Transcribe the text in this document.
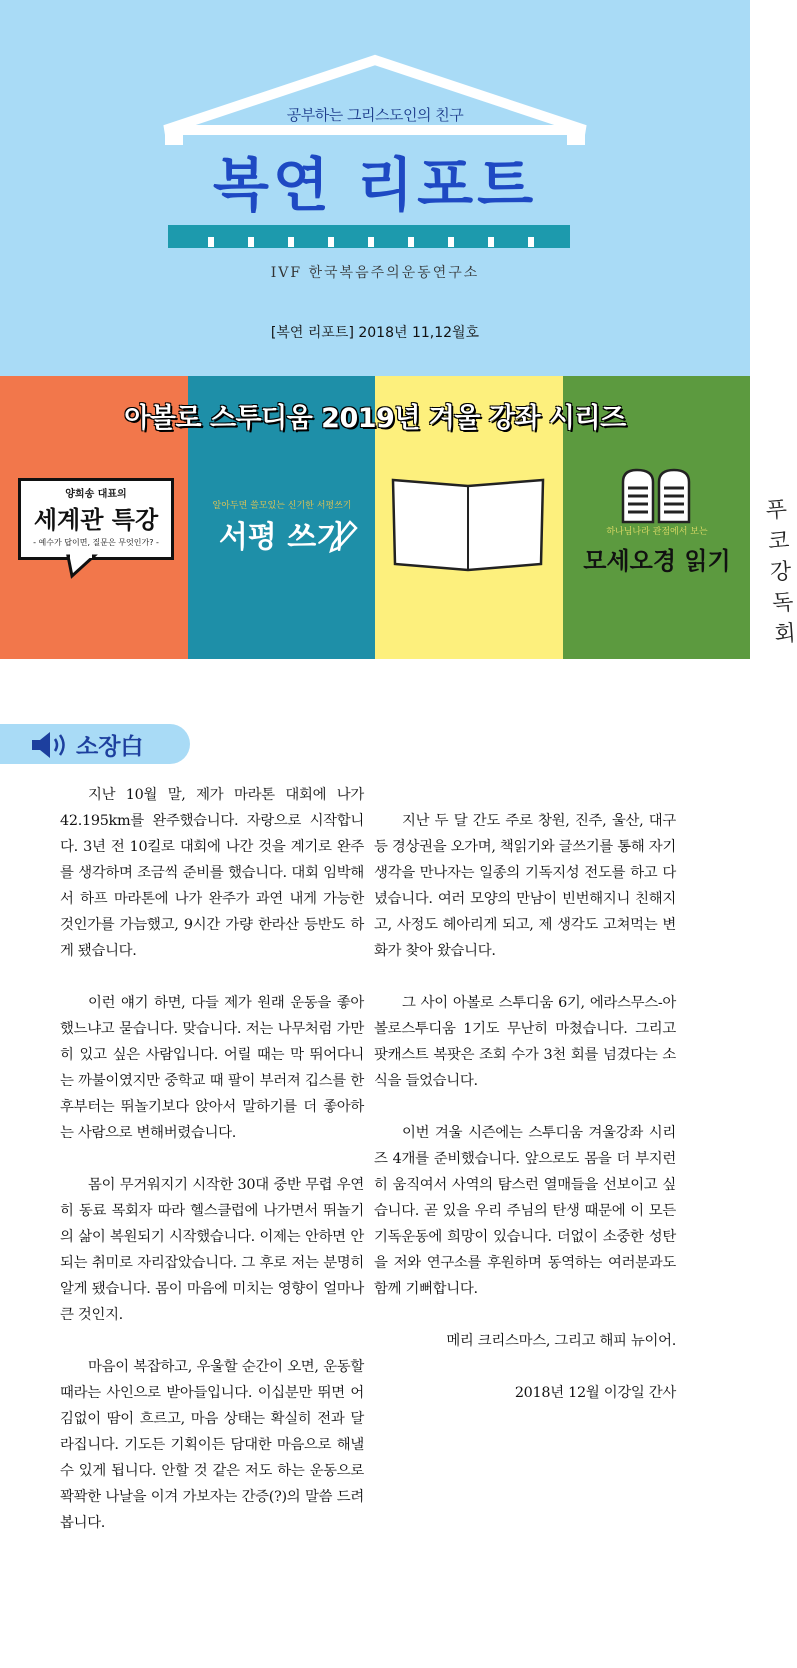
공부하는 그리스도인의 친구
복연 리포트
IVF 한국복음주의운동연구소
[복연 리포트] 2018년 11,12월호
양희송 대표의
세계관 특강
- 예수가 답이면, 질문은 무엇인가? -
알아두면 쓸모있는 신기한 서평쓰기
서평 쓰기
푸코 강독회
하나님나라 관점에서 보는
모세오경 읽기
아볼로 스투디움 2019년 겨울 강좌 시리즈
소장白

지난 10월 말, 제가 마라톤 대회에 나가 42.195km를 완주했습니다. 자랑으로 시작합니다. 3년 전 10킬로 대회에 나간 것을 계기로 완주를 생각하며 조금씩 준비를 했습니다. 대회 임박해서 하프 마라톤에 나가 완주가 과연 내게 가능한 것인가를 가늠했고, 9시간 가량 한라산 등반도 하게 됐습니다.

이런 얘기 하면, 다들 제가 원래 운동을 좋아했느냐고 묻습니다. 맞습니다. 저는 나무처럼 가만히 있고 싶은 사람입니다. 어릴 때는 막 뛰어다니는 까불이였지만 중학교 때 팔이 부러져 깁스를 한 후부터는 뛰놀기보다 앉아서 말하기를 더 좋아하는 사람으로 변해버렸습니다.

몸이 무거워지기 시작한 30대 중반 무렵 우연히 동료 목회자 따라 헬스클럽에 나가면서 뛰놀기의 삶이 복원되기 시작했습니다. 이제는 안하면 안되는 취미로 자리잡았습니다. 그 후로 저는 분명히 알게 됐습니다. 몸이 마음에 미치는 영향이 얼마나 큰 것인지.

마음이 복잡하고, 우울할 순간이 오면, 운동할 때라는 사인으로 받아들입니다. 이십분만 뛰면 어김없이 땀이 흐르고, 마음 상태는 확실히 전과 달라집니다. 기도든 기획이든 담대한 마음으로 해낼 수 있게 됩니다. 안할 것 같은 저도 하는 운동으로 꽉꽉한 나날을 이겨 가보자는 간증(?)의 말씀 드려봅니다.

지난 두 달 간도 주로 창원, 진주, 울산, 대구 등 경상권을 오가며, 책읽기와 글쓰기를 통해 자기 생각을 만나자는 일종의 기독지성 전도를 하고 다녔습니다. 여러 모양의 만남이 빈번해지니 친해지고, 사정도 헤아리게 되고, 제 생각도 고쳐먹는 변화가 찾아 왔습니다.

그 사이 아볼로 스투디움 6기, 에라스무스-아볼로스투디움 1기도 무난히 마쳤습니다. 그리고 팟캐스트 복팟은 조회 수가 3천 회를 넘겼다는 소식을 들었습니다.

이번 겨울 시즌에는 스투디움 겨울강좌 시리즈 4개를 준비했습니다. 앞으로도 몸을 더 부지런히 움직여서 사역의 탐스런 열매들을 선보이고 싶습니다. 곧 있을 우리 주님의 탄생 때문에 이 모든 기독운동에 희망이 있습니다. 더없이 소중한 성탄을 저와 연구소를 후원하며 동역하는 여러분과도 함께 기뻐합니다.

메리 크리스마스, 그리고 해피 뉴이어.

2018년 12월 이강일 간사
